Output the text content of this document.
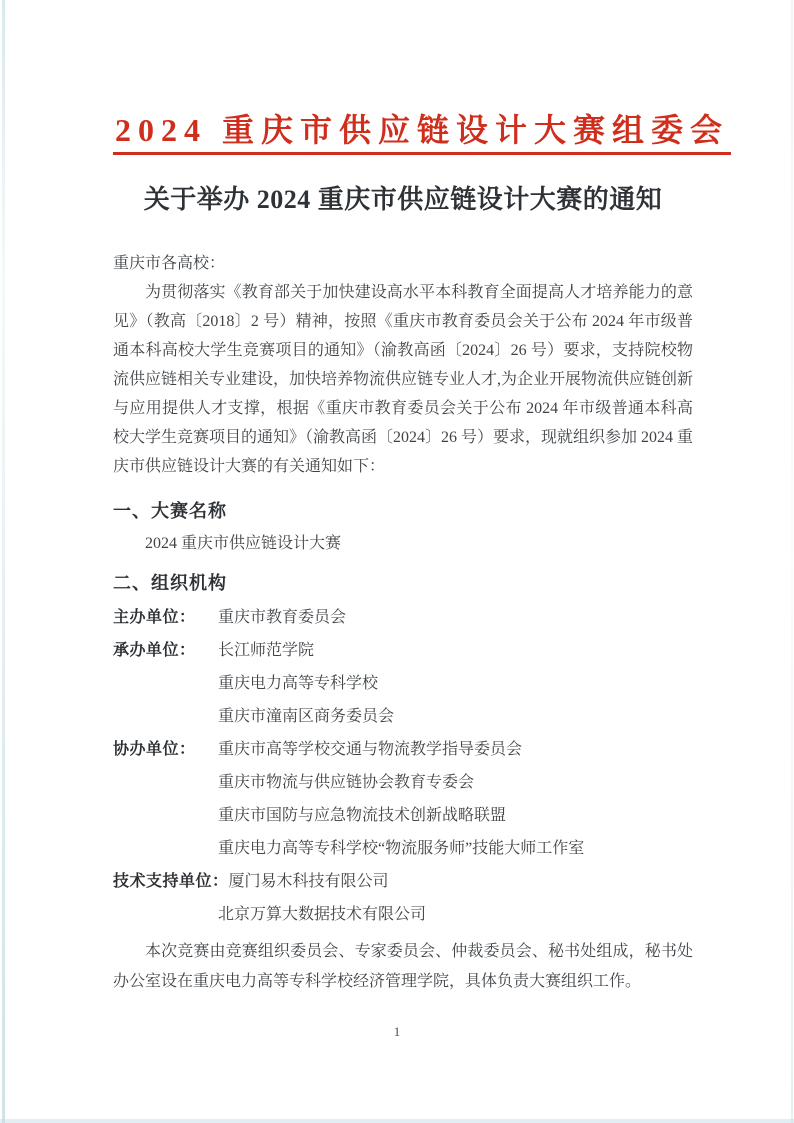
2024 重庆市供应链设计大赛组委会
关于举办 2024 重庆市供应链设计大赛的通知
重庆市各高校：
为贯彻落实《教育部关于加快建设高水平本科教育全面提高人才培养能力的意见》（教高〔2018〕2 号）精神，按照《重庆市教育委员会关于公布 2024 年市级普通本科高校大学生竞赛项目的通知》（渝教高函〔2024〕26 号）要求，支持院校物流供应链相关专业建设，加快培养物流供应链专业人才,为企业开展物流供应链创新与应用提供人才支撑，根据《重庆市教育委员会关于公布 2024 年市级普通本科高校大学生竞赛项目的通知》（渝教高函〔2024〕26 号）要求，现就组织参加 2024 重庆市供应链设计大赛的有关通知如下：
一、大赛名称
2024 重庆市供应链设计大赛
二、组织机构
主办单位：	重庆市教育委员会
承办单位：	长江师范学院
重庆电力高等专科学校
重庆市潼南区商务委员会
协办单位：	重庆市高等学校交通与物流教学指导委员会
重庆市物流与供应链协会教育专委会
重庆市国防与应急物流技术创新战略联盟
重庆电力高等专科学校“物流服务师”技能大师工作室
技术支持单位： 厦门易木科技有限公司
北京万算大数据技术有限公司
本次竞赛由竞赛组织委员会、专家委员会、仲裁委员会、秘书处组成，秘书处办公室设在重庆电力高等专科学校经济管理学院，具体负责大赛组织工作。
1
